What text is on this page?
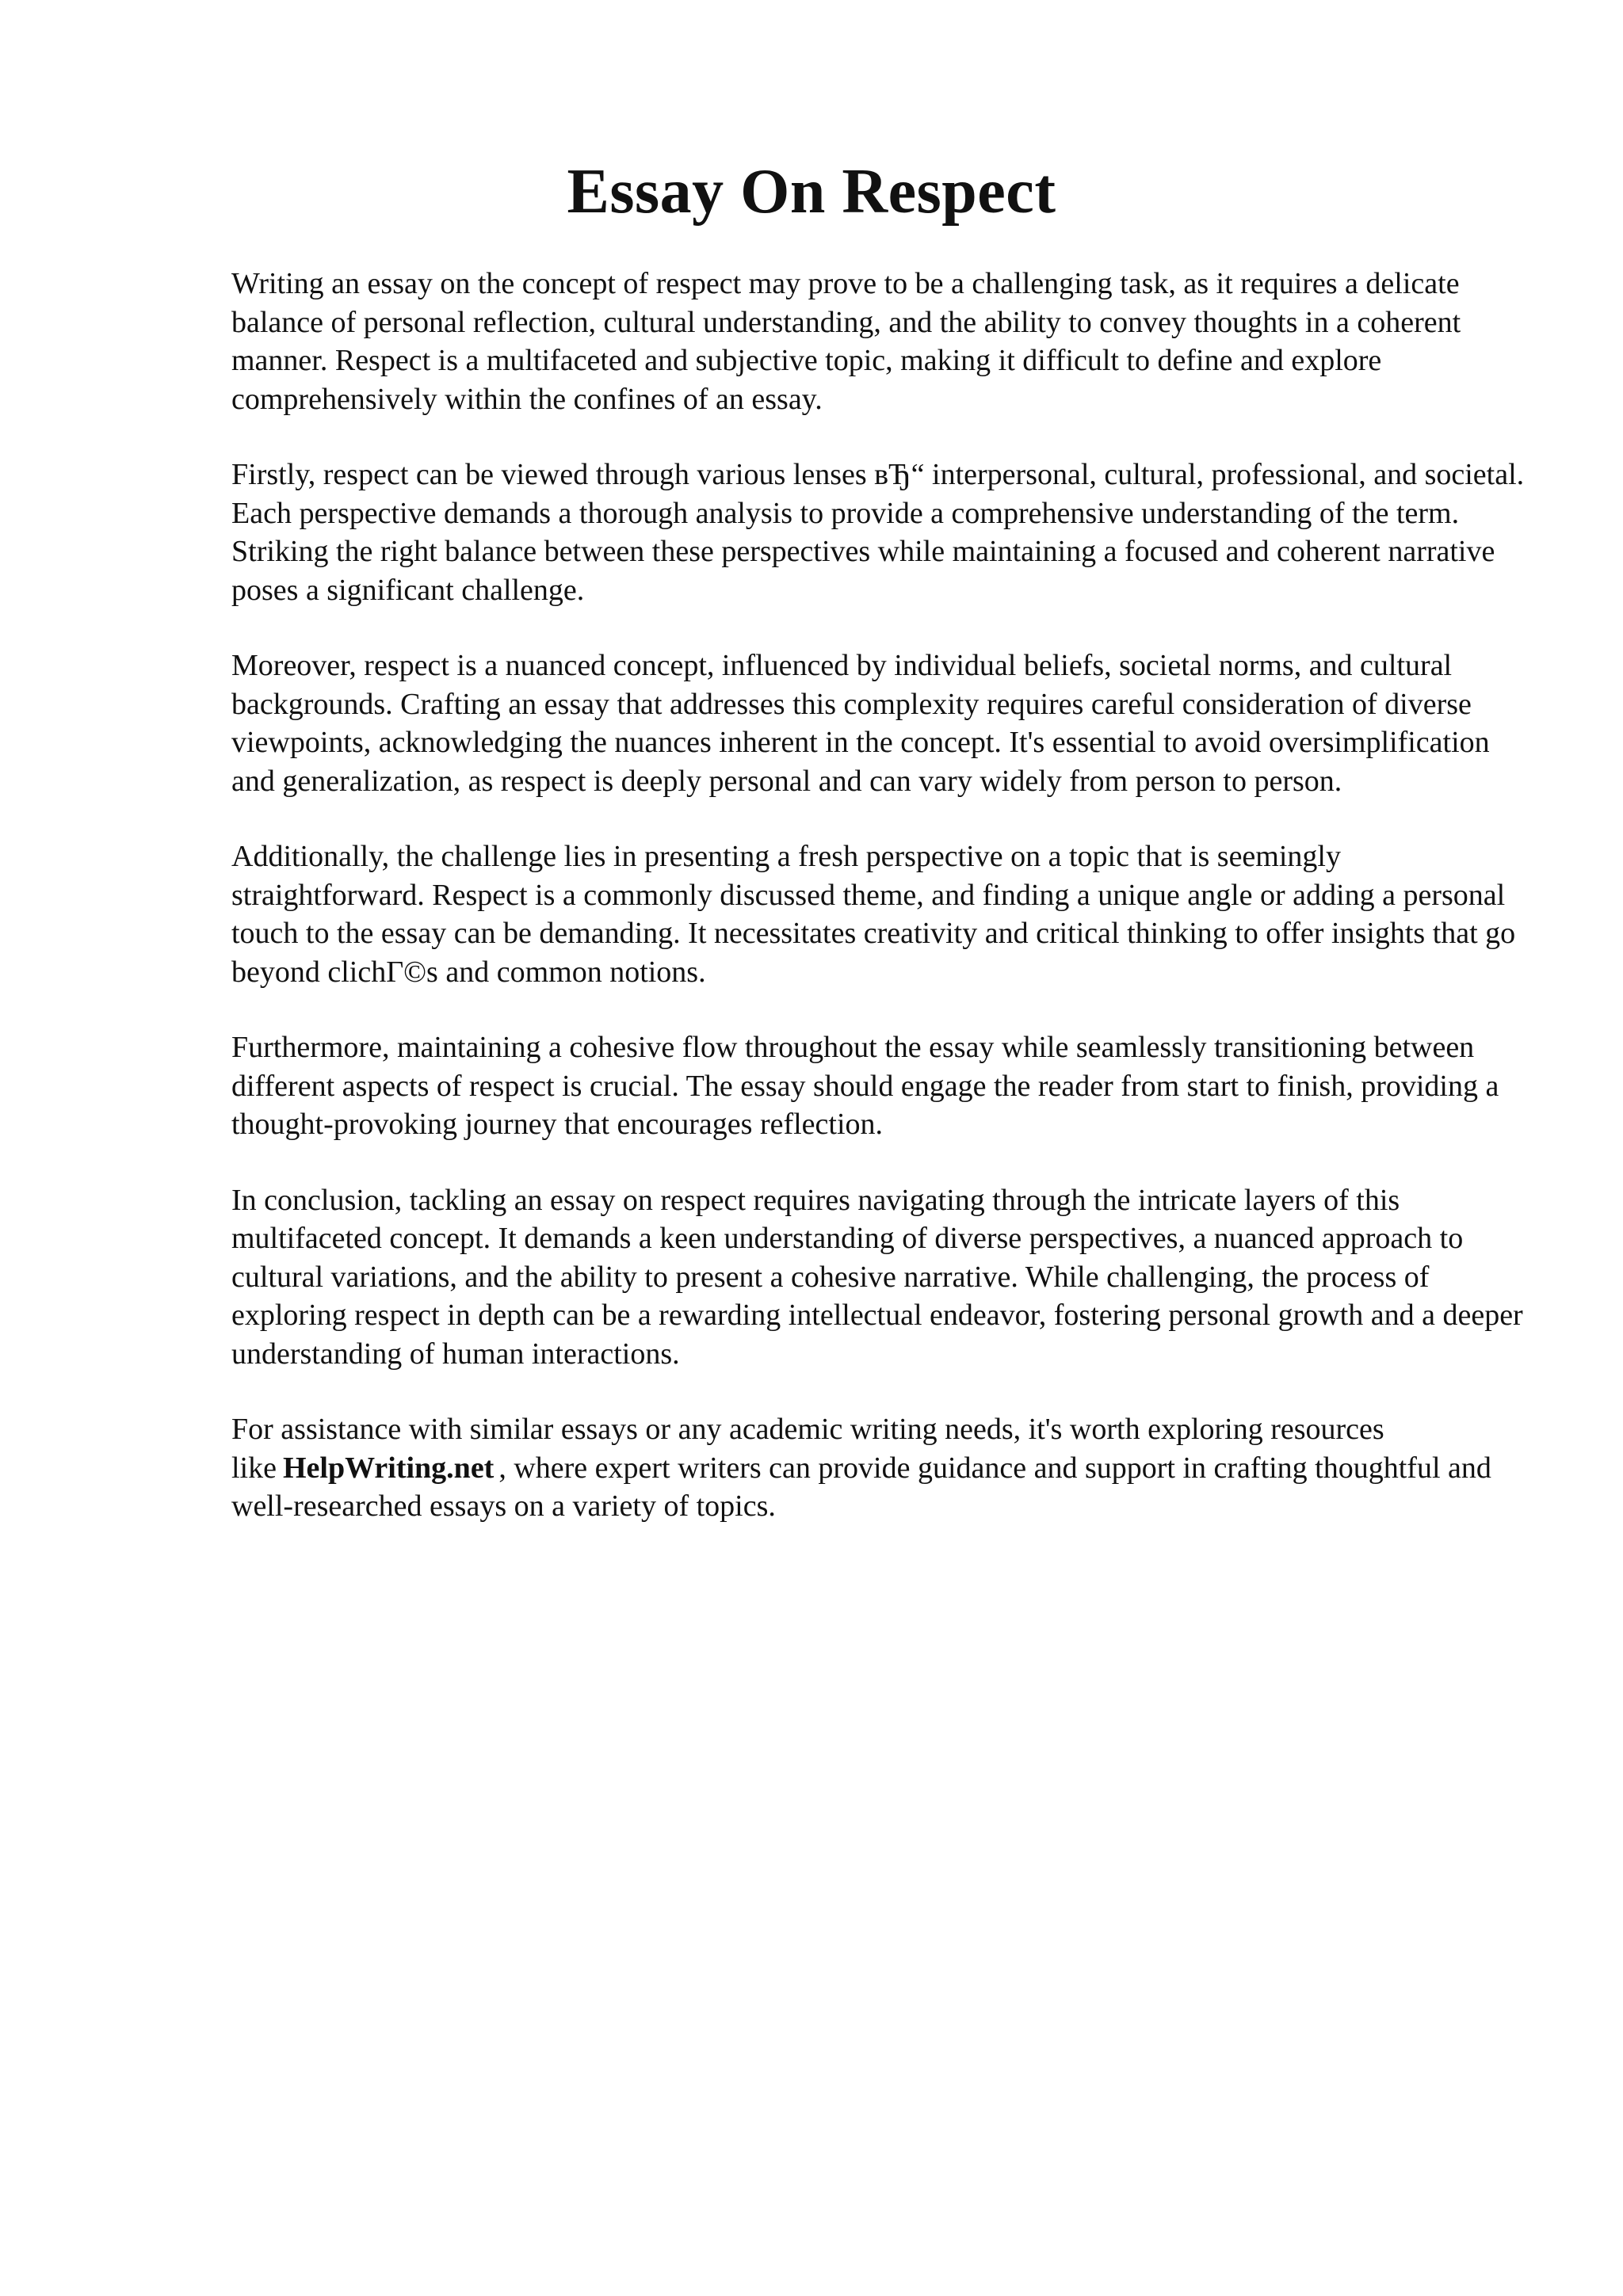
Essay On Respect

Writing an essay on the concept of respect may prove to be a challenging task, as it requires a delicate balance of personal reflection, cultural understanding, and the ability to convey thoughts in a coherent manner. Respect is a multifaceted and subjective topic, making it difficult to define and explore comprehensively within the confines of an essay.

Firstly, respect can be viewed through various lenses вЂ“ interpersonal, cultural, professional, and societal. Each perspective demands a thorough analysis to provide a comprehensive understanding of the term. Striking the right balance between these perspectives while maintaining a focused and coherent narrative poses a significant challenge.

Moreover, respect is a nuanced concept, influenced by individual beliefs, societal norms, and cultural backgrounds. Crafting an essay that addresses this complexity requires careful consideration of diverse viewpoints, acknowledging the nuances inherent in the concept. It's essential to avoid oversimplification and generalization, as respect is deeply personal and can vary widely from person to person.

Additionally, the challenge lies in presenting a fresh perspective on a topic that is seemingly straightforward. Respect is a commonly discussed theme, and finding a unique angle or adding a personal touch to the essay can be demanding. It necessitates creativity and critical thinking to offer insights that go beyond clichГ©s and common notions.

Furthermore, maintaining a cohesive flow throughout the essay while seamlessly transitioning between different aspects of respect is crucial. The essay should engage the reader from start to finish, providing a thought-provoking journey that encourages reflection.

In conclusion, tackling an essay on respect requires navigating through the intricate layers of this multifaceted concept. It demands a keen understanding of diverse perspectives, a nuanced approach to cultural variations, and the ability to present a cohesive narrative. While challenging, the process of exploring respect in depth can be a rewarding intellectual endeavor, fostering personal growth and a deeper understanding of human interactions.

For assistance with similar essays or any academic writing needs, it's worth exploring resources like HelpWriting.net , where expert writers can provide guidance and support in crafting thoughtful and well-researched essays on a variety of topics.
